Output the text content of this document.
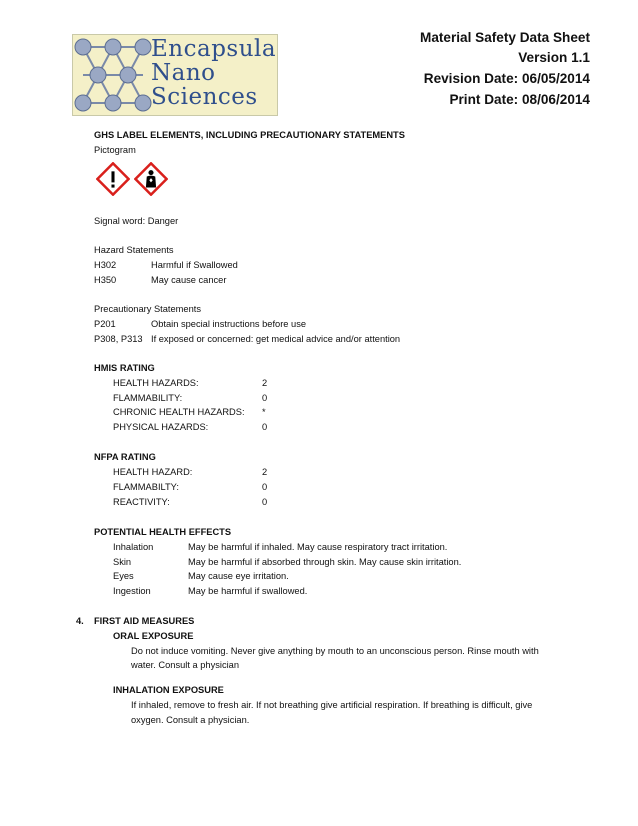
Encapsula
Nano
Sciences
Material Safety Data Sheet
Version 1.1
Revision Date: 06/05/2014
Print Date: 08/06/2014
GHS LABEL ELEMENTS, INCLUDING PRECAUTIONARY STATEMENTS
Pictogram
Signal word: Danger
Hazard Statements
H302	Harmful if Swallowed
H350	May cause cancer
Precautionary Statements
P201	Obtain special instructions before use
P308, P313 If exposed or concerned: get medical advice and/or attention
HMIS RATING
HEALTH HAZARDS:	2
FLAMMABILITY:	0
CHRONIC HEALTH HAZARDS: *
PHYSICAL HAZARDS:	0
NFPA RATING
HEALTH HAZARD:	2
FLAMMABILTY:	0
REACTIVITY:	0
POTENTIAL HEALTH EFFECTS
Inhalation	May be harmful if inhaled. May cause respiratory tract irritation.
Skin	May be harmful if absorbed through skin. May cause skin irritation.
Eyes	May cause eye irritation.
Ingestion	May be harmful if swallowed.
4. FIRST AID MEASURES
ORAL EXPOSURE
Do not induce vomiting. Never give anything by mouth to an unconscious person. Rinse mouth with
water. Consult a physician
INHALATION EXPOSURE
If inhaled, remove to fresh air. If not breathing give artificial respiration. If breathing is difficult, give
oxygen. Consult a physician.
